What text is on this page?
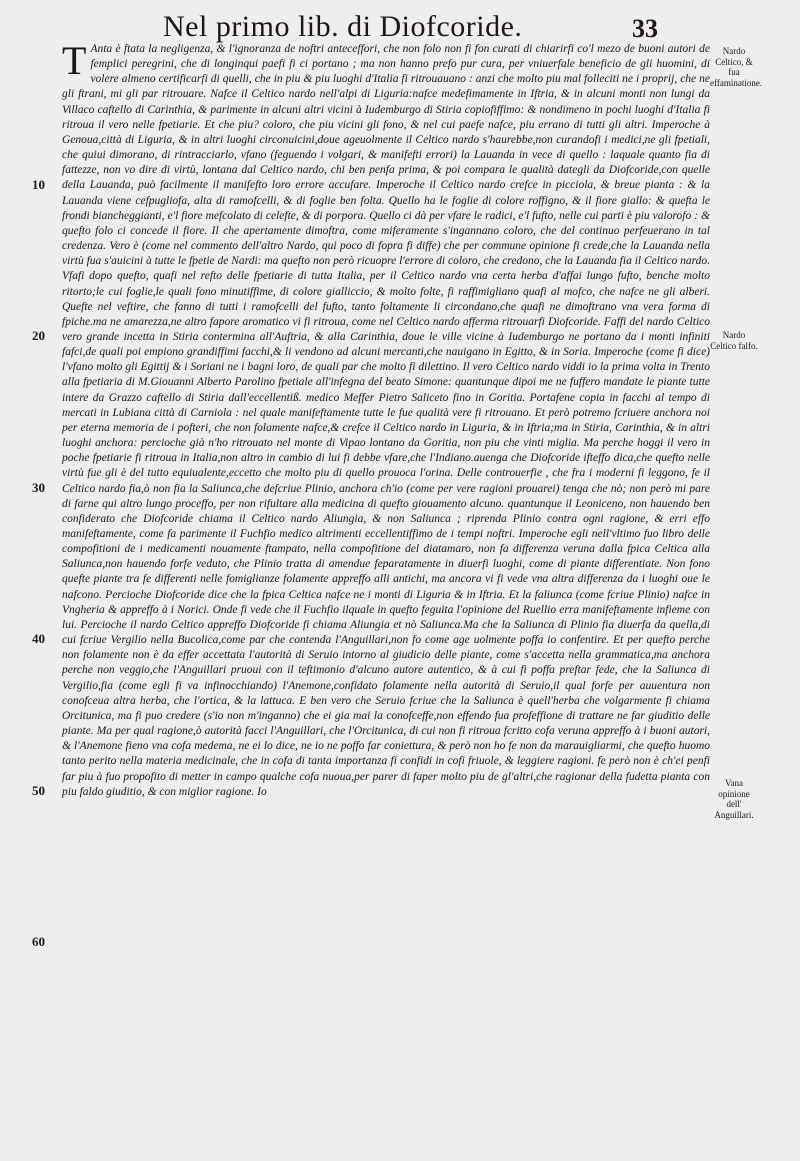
Nel primo lib. di Diofcoride.	33

T Anta è ftata la negligenza, & l'ignoranza de noftri anteceffori, che non folo non fi fon curati di chiarirfi co'l mezo de buoni autori de femplici peregrini, che di longinqui paefi fi ci portano ; ma non hanno prefo pur cura, per vniuerfale beneficio de gli huomini, di volere almeno certificarfi di quelli, che in piu & piu luoghi d'Italia fi ritrouauano : anzi che molto piu mal folleciti ne i proprij, che ne gli ftrani, mi gli par ritrouare. Nafce il Celtico nardo nell'alpi di Liguria:nafce medefimamente in Iftria, & in alcuni monti non lungi da Villaco caftello di Carinthia, & parimente in alcuni altri vicini à Iudemburgo di Stiria copiofiffimo: & nondimeno in pochi luoghi d'Italia fi ritroua il vero nelle fpetiarie. Et che piu? coloro, che piu vicini gli fono, & nel cui paefe nafce, piu errano di tutti gli altri. Imperoche à Genoua,città di Liguria, & in altri luoghi circonuicini,doue ageuolmente il Celtico nardo s'haurebbe,non curandofi i medici,ne gli fpetiali, che quiui dimorano, di rintracciarlo, vfano (feguendo i volgari, & manifefti errori) la Lauanda in vece di quello : laquale quanto fia di fattezze, non vo dire di virtù, lontana dal Celtico nardo, chi ben penfa prima, & poi compara le qualità dategli da Diofcoride,con quelle della Lauanda, può facilmente il manifefto loro errore accufare. Imperoche il Celtico nardo crefce in picciola, & breue pianta : & la Lauanda viene cefpugliofa, alta di ramofcelli, & di foglie ben folta. Quello ha le foglie di colore roffigno, & il fiore giallo: & quefta le frondi biancheggianti, e'l fiore mefcolato di celefte, & di porpora. Quello ci dà per vfare le radici, e'l fufto, nelle cui parti è piu valorofo : & quefto folo ci concede il fiore. Il che apertamente dimoftra, come miferamente s'ingannano coloro, che del continuo perfeuerano in tal credenza. Vero è (come nel commento dell'altro Nardo, qui poco di fopra fi diffe) che per commune opinione fi crede,che la Lauanda nella virtù fua s'auicini à tutte le fpetie de Nardi: ma quefto non però ricuopre l'errore di coloro, che credono, che la Lauanda fia il Celtico nardo. Vfafi dopo quefto, quafi nel refto delle fpetiarie di tutta Italia, per il Celtico nardo vna certa herba d'affai lungo fufto, benche molto ritorto;le cui foglie,le quali fono minutiffime, di colore gialliccio, & molto folte, fi raffimigliano quafi al mofco, che nafce ne gli alberi. Quefte nel veftire, che fanno di tutti i ramofcelli del fufto, tanto foltamente li circondano,che quafi ne dimoftrano vna vera forma di fpiche.ma ne amarezza,ne altro fapore aromatico vi fi ritroua, come nel Celtico nardo afferma ritrouarfi Diofcoride. Faffi del nardo Celtico vero grande incetta in Stiria contermina all'Auftria, & alla Carinthia, doue le ville vicine à Iudemburgo ne portano da i monti infiniti fafci,de quali poi empiono grandiffimi facchi,& li vendono ad alcuni mercanti,che nauigano in Egitto, & in Soria. Imperoche (come fi dice) l'vfano molto gli Egittij & i Soriani ne i bagni loro, de quali par che molto fi dilettino. Il vero Celtico nardo viddi io la prima volta in Trento alla fpetiaria di M.Giouanni Alberto Parolino fpetiale all'infegna del beato Simone: quantunque dipoi me ne fuffero mandate le piante tutte intere da Grazzo caftello di Stiria dall'eccellentiß. medico Meffer Pietro Saliceto fino in Goritia. Portafene copia in facchi al tempo di mercati in Lubiana città di Carniola : nel quale manifeftamente tutte le fue qualità vere fi ritrouano. Et però potremo fcriuere anchora noi per eterna memoria de i pofteri, che non folamente nafce,& crefce il Celtico nardo in Liguria, & in Iftria;ma in Stiria, Carinthia, & in altri luoghi anchora: percioche già n'ho ritrouato nel monte di Vipao lontano da Goritia, non piu che vinti miglia. Ma perche hoggi il vero in poche fpetiarie fi ritroua in Italia,non altro in cambio di lui fi debbe vfare,che l'Indiano.auenga che Diofcoride ifteffo dica,che quefto nelle virtù fue gli è del tutto equiualente,eccetto che molto piu di quello prouoca l'orina. Delle controuerfie , che fra i moderni fi leggono, fe il Celtico nardo fia,ò non fia la Saliunca,che defcriue Plinio, anchora ch'io (come per vere ragioni prouarei) tenga che nò; non però mi pare di farne qui altro lungo proceffo, per non rifultare alla medicina di quefto giouamento alcuno. quantunque il Leoniceno, non hauendo ben confiderato che Diofcoride chiama il Celtico nardo Aliungia, & non Saliunca ; riprenda Plinio contra ogni ragione, & erri effo manifeftamente, come fa parimente il Fuchfio medico altrimenti eccellentiffimo de i tempi noftri. Imperoche egli nell'vltimo fuo libro delle compofitioni de i medicamenti nouamente ftampato, nella compofitione del diatamaro, non fa differenza veruna dalla fpica Celtica alla Saliunca,non hauendo forfe veduto, che Plinio tratta di amendue feparatamente in diuerfi luoghi, come di piante differentiate. Non fono quefte piante tra fe differenti nelle fomiglianze folamente appreffo alli antichi, ma ancora vi fi vede vna altra differenza da i luoghi oue le nafcono. Percioche Diofcoride dice che la fpica Celtica nafce ne i monti di Liguria & in Iftria. Et la faliunca (come fcriue Plinio) nafce in Vngheria & appreffo à i Norici. Onde fi vede che il Fuchfio ilquale in quefto feguita l'opinione del Ruellio erra manifeftamente infieme con lui. Percioche il nardo Celtico appreffo Diofcoride fi chiama Aliungia et nò Saliunca.Ma che la Saliunca di Plinio fia diuerfa da quella,di cui fcriue Vergilio nella Bucolica,come par che contenda l'Anguillari,non fo come age uolmente poffa io confentire. Et per quefto perche non folamente non è da effer accettata l'autorità di Seruio intorno al giudicio delle piante, come s'accetta nella grammatica,ma anchora perche non veggio,che l'Anguillari pruoui con il teftimonio d'alcuno autore autentico, & à cui fi poffa preftar fede, che la Saliunca di Vergilio,fia (come egli fi va infinocchiando) l'Anemone,confidato folamente nella autorità di Seruio,il qual forfe per auuentura non conofceua altra herba, che l'ortica, & la lattuca. E ben vero che Seruio fcriue che la Saliunca è quell'herba che volgarmente fi chiama Orcitunica, ma fi puo credere (s'io non m'inganno) che ei gia mai la conofceffe,non effendo fua profeffione di trattare ne far giuditio delle piante. Ma per qual ragione,ò autorità facci l'Anguillari, che l'Orcitunica, di cui non fi ritroua fcritto cofa veruna appreffo à i buoni autori, & l'Anemone fieno vna cofa medema, ne ei lo dice, ne io ne poffo far coniettura, & però non ho fe non da marauigliarmi, che quefto huomo tanto perito nella materia medicinale, che in cofa di tanta importanza fi confidi in cofi friuole, & leggiere ragioni. fe però non è ch'ei penfi far piu à fuo propofito di metter in campo qualche cofa nuoua,per parer di faper molto piu de gl'altri,che ragionar della fudetta pianta con piu faldo giuditio, & con miglior ragione. Io

10
20
30
40
50
60
Nardo Celtico, & fua effaminatione.
Nardo Celtico falfo.
Vana opinione dell' Anguillari.
